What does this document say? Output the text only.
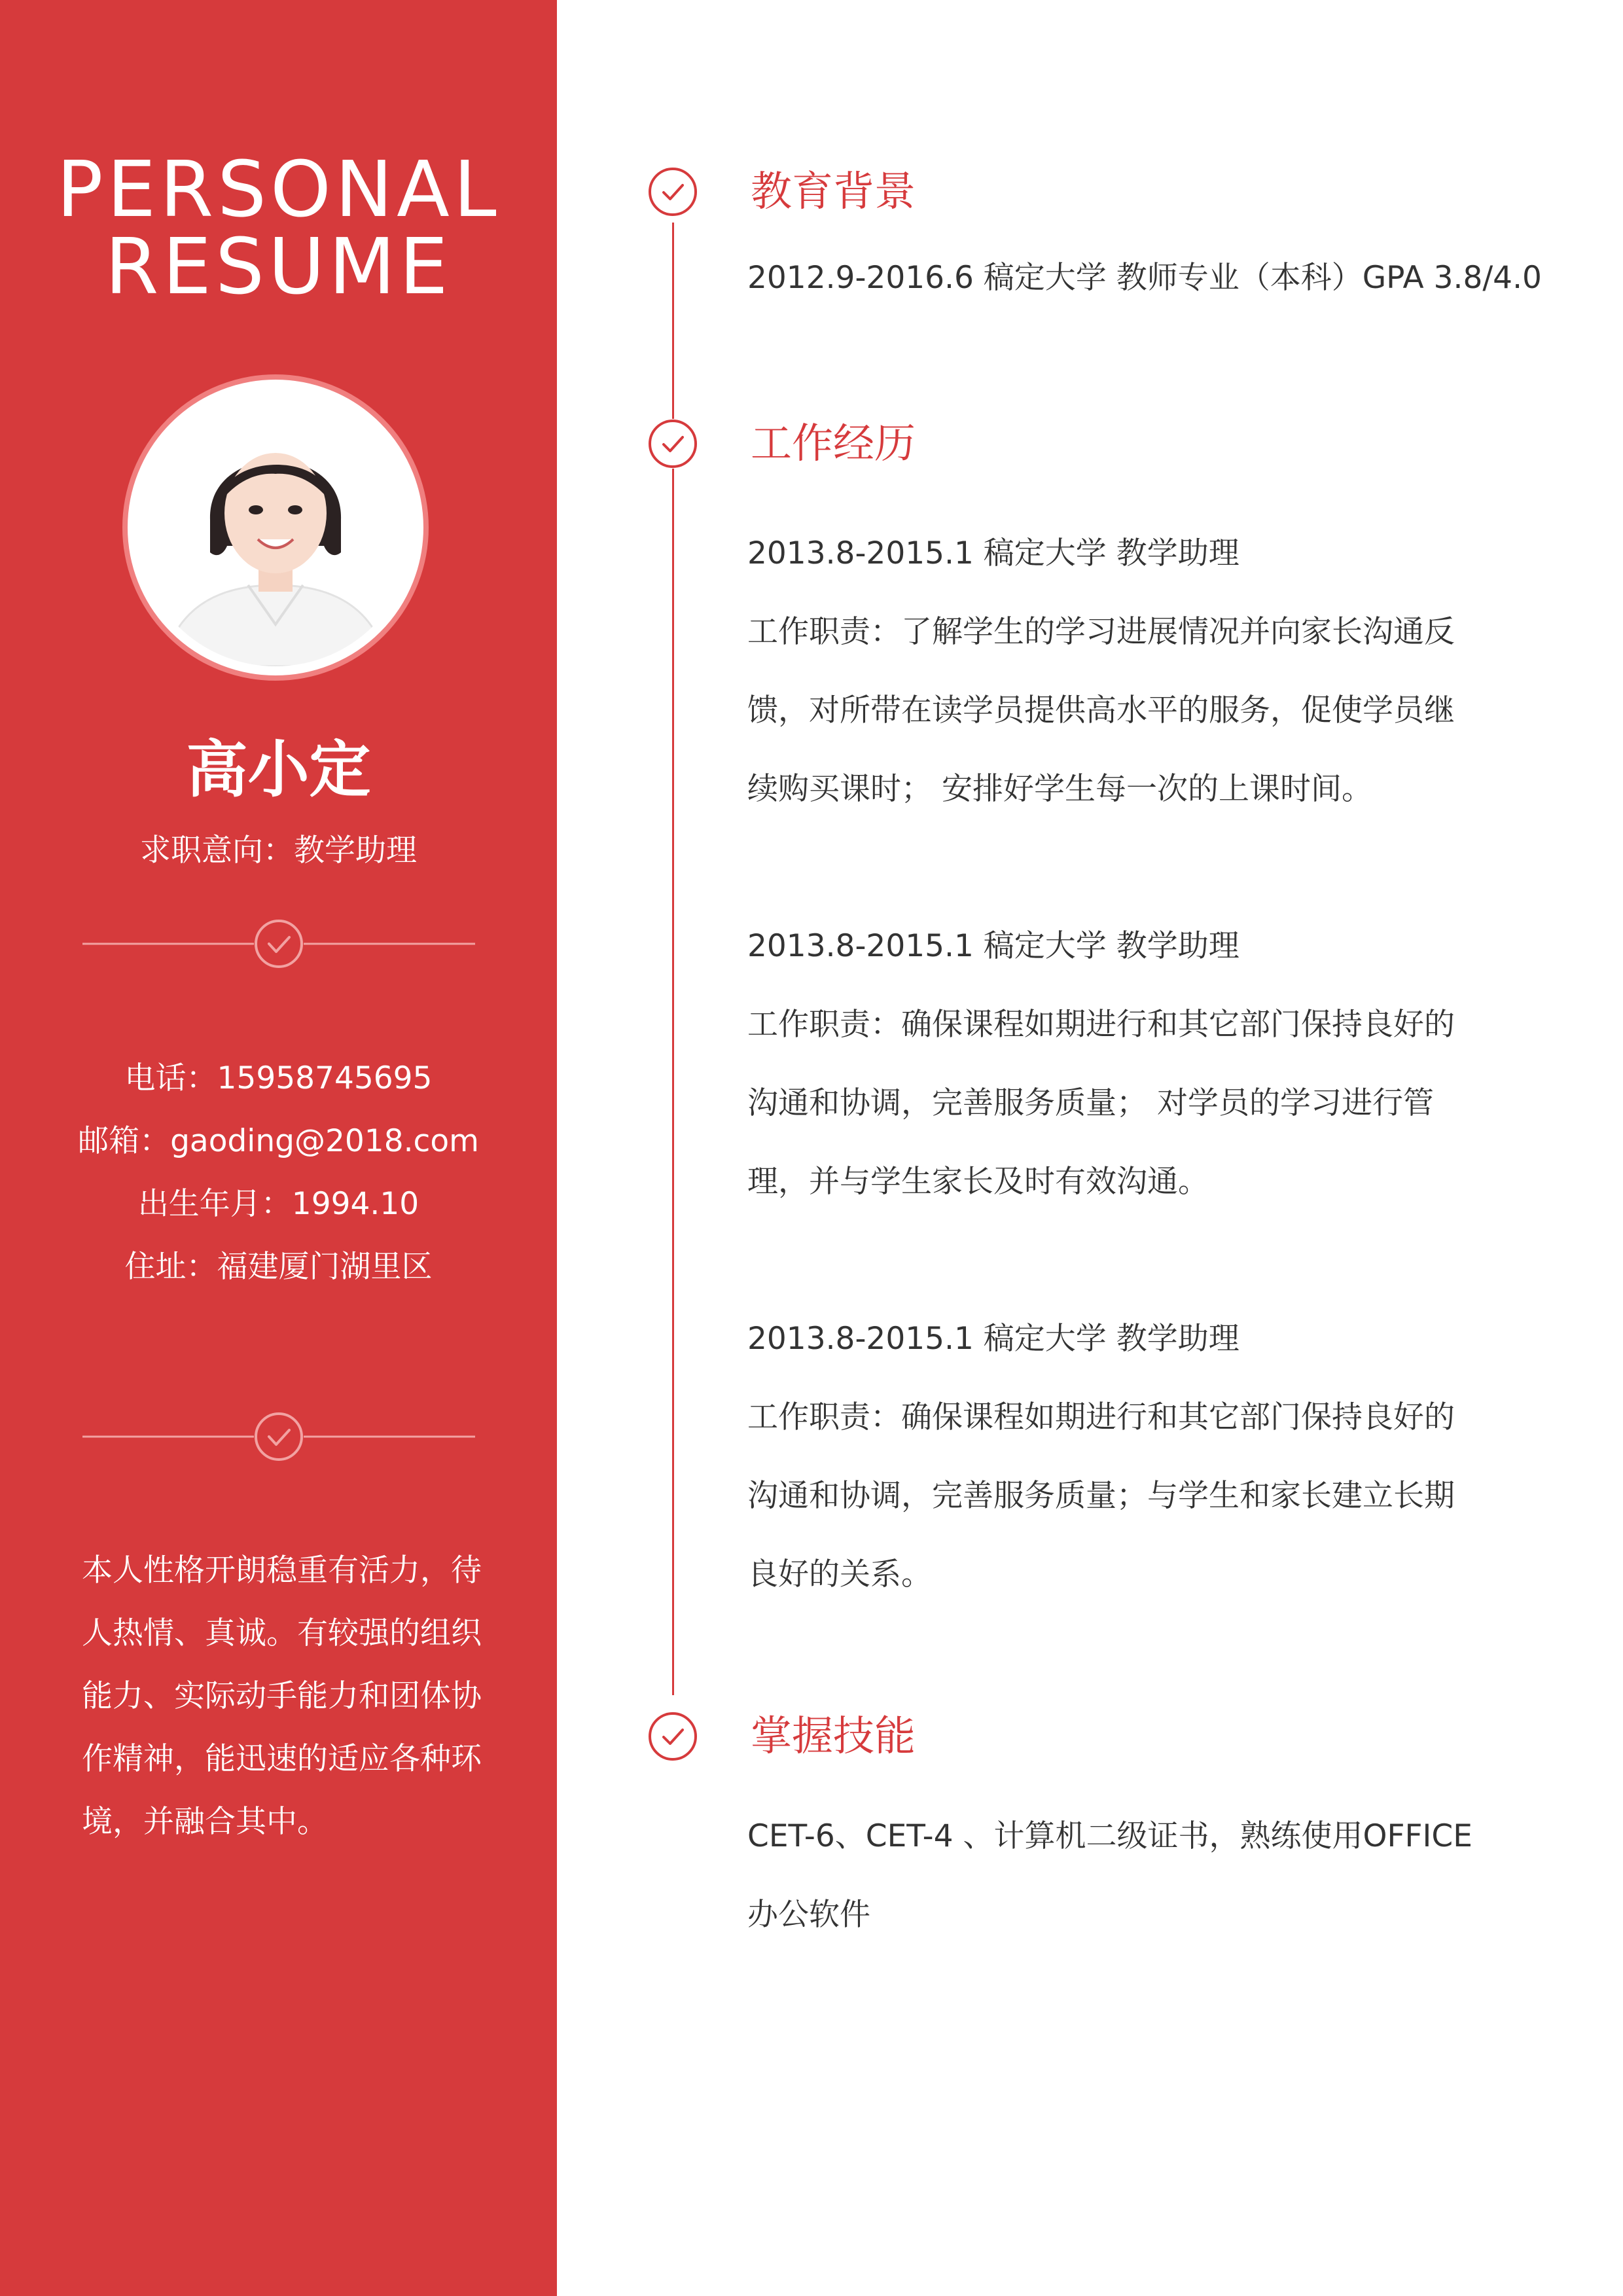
PERSONAL
RESUME
高小定
求职意向：教学助理
电话：15958745695
邮箱：gaoding@2018.com
出生年月：1994.10
住址：福建厦门湖里区
本人性格开朗稳重有活力，待
人热情、真诚。有较强的组织
能力、实际动手能力和团体协
作精神，能迅速的适应各种环
境，并融合其中。
教育背景
2012.9-2016.6 稿定大学 教师专业（本科）GPA 3.8/4.0
工作经历
2013.8-2015.1 稿定大学 教学助理
工作职责：了解学生的学习进展情况并向家长沟通反
馈，对所带在读学员提供高水平的服务，促使学员继
续购买课时； 安排好学生每一次的上课时间。
2013.8-2015.1 稿定大学 教学助理
工作职责：确保课程如期进行和其它部门保持良好的
沟通和协调，完善服务质量； 对学员的学习进行管
理，并与学生家长及时有效沟通。
2013.8-2015.1 稿定大学 教学助理
工作职责：确保课程如期进行和其它部门保持良好的
沟通和协调，完善服务质量；与学生和家长建立长期
良好的关系。
掌握技能
CET-6、CET-4 、计算机二级证书，熟练使用OFFICE
办公软件
